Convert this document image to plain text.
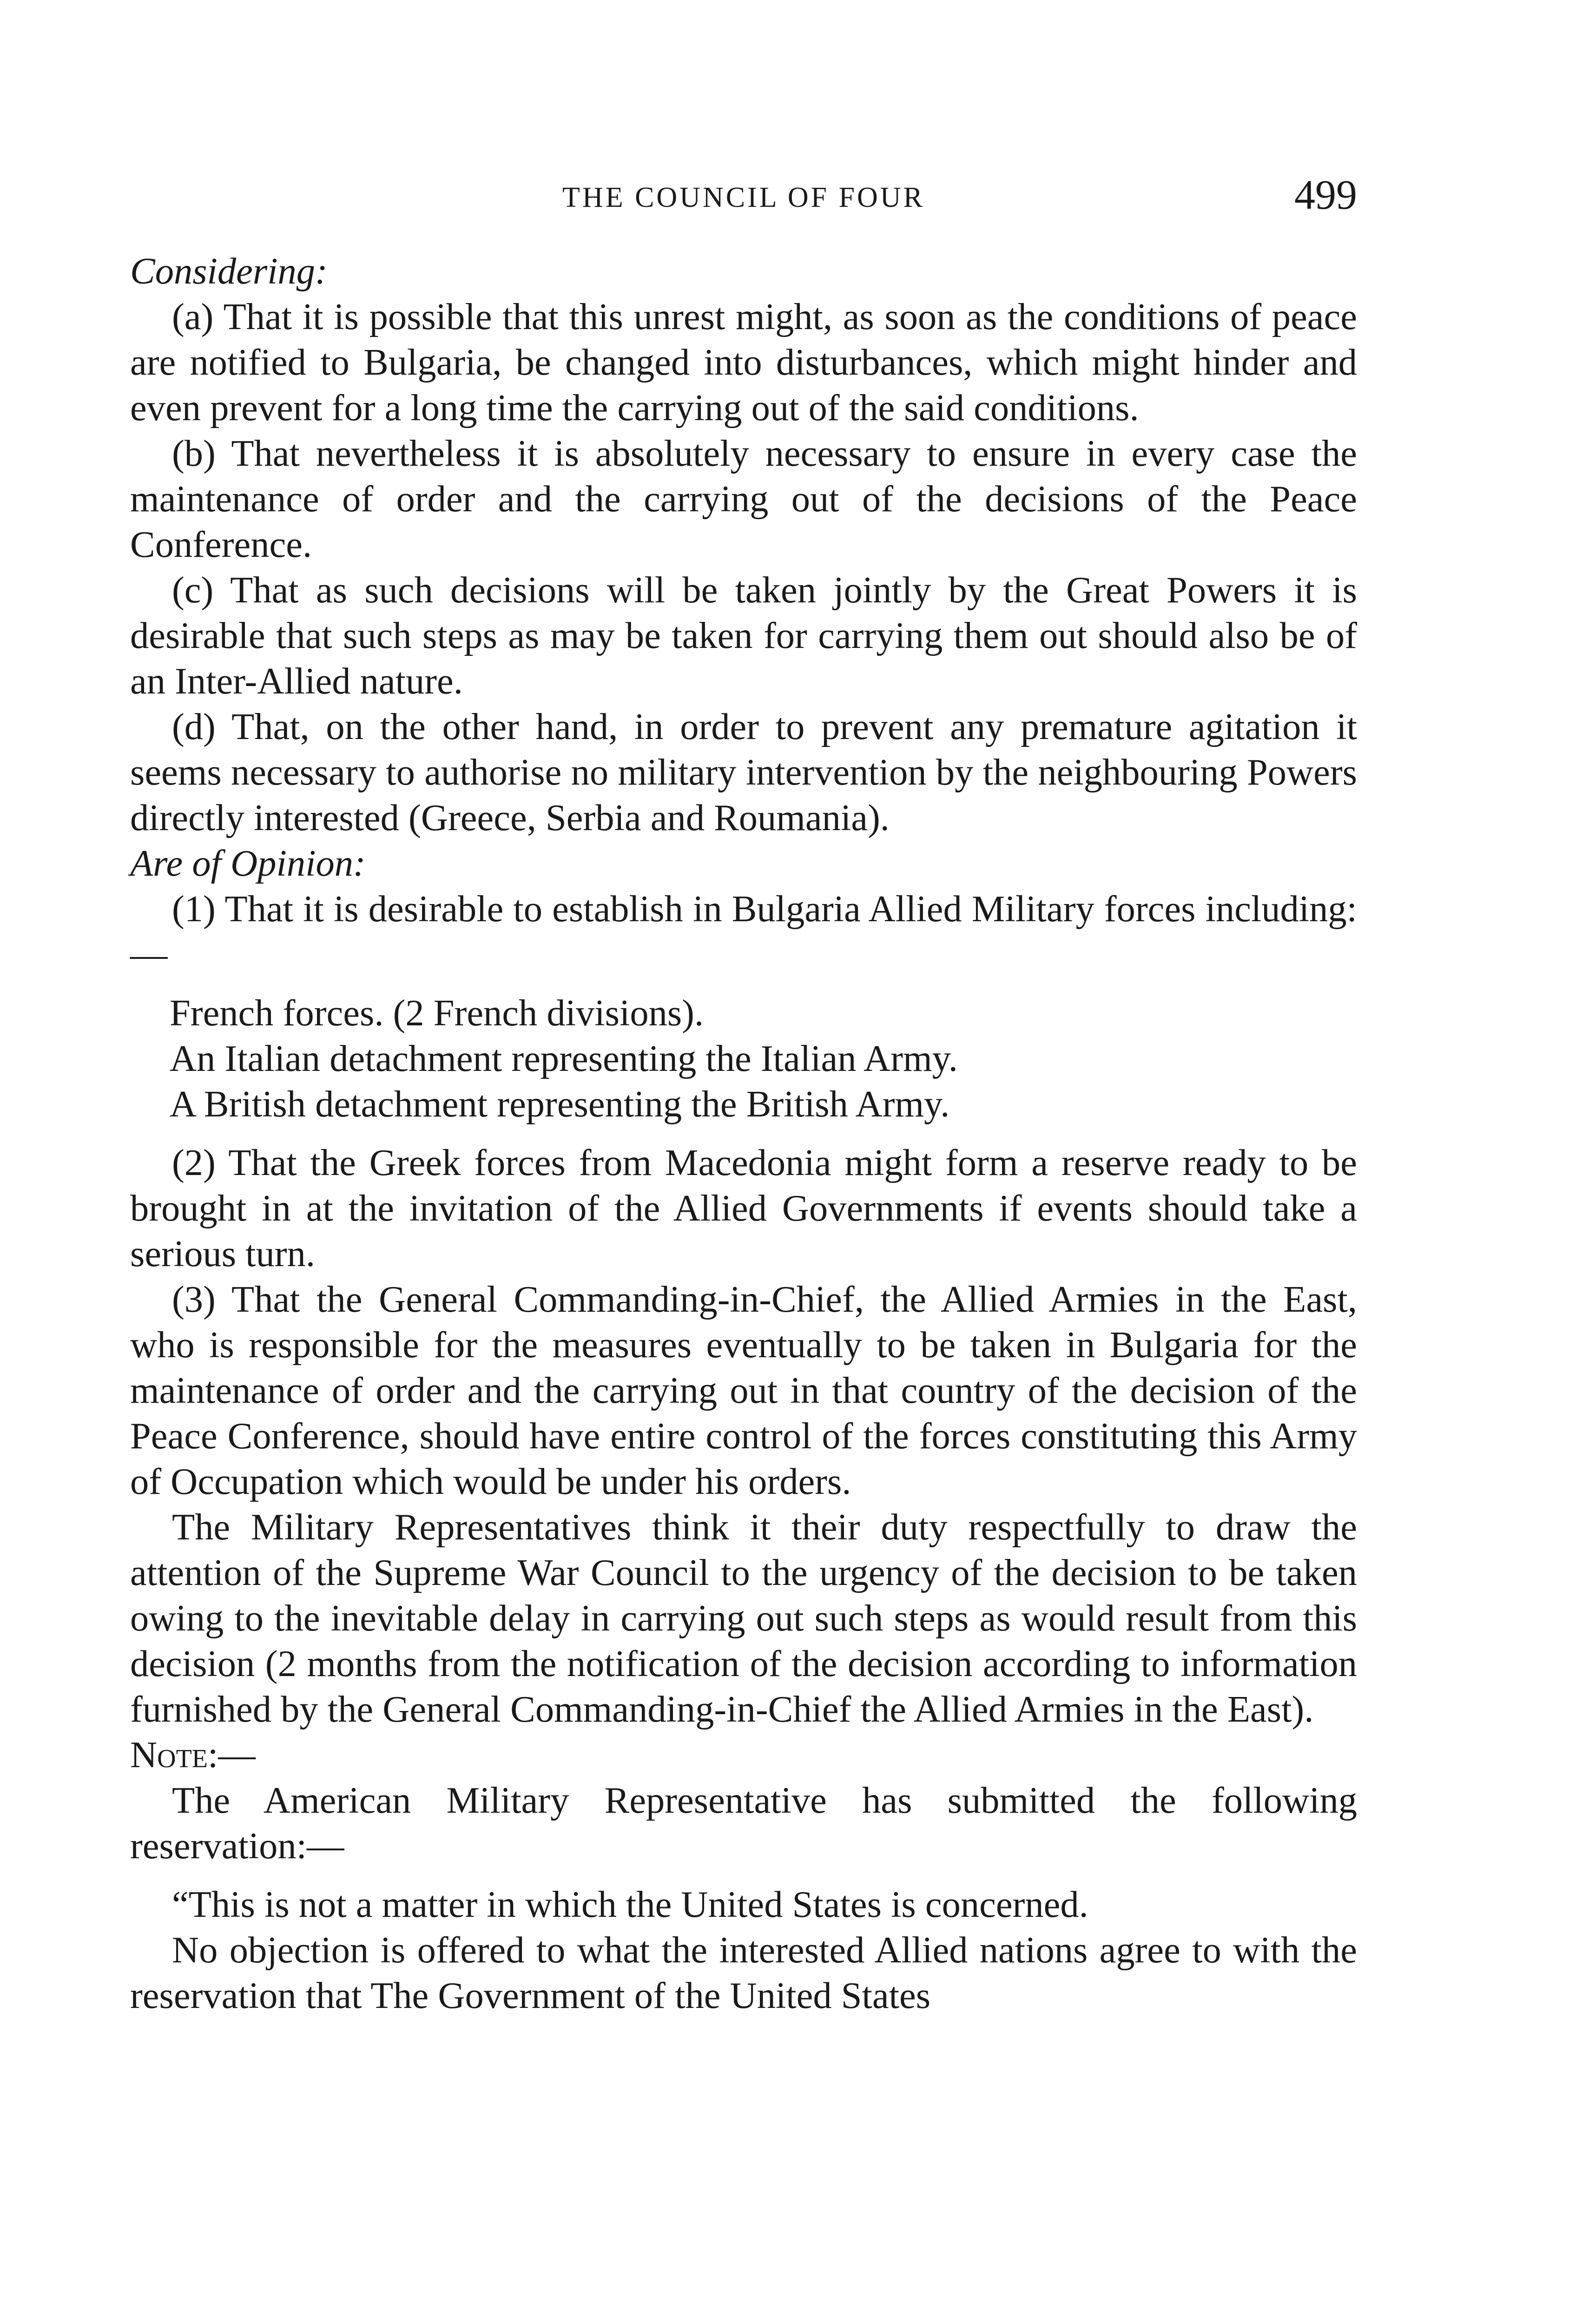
THE COUNCIL OF FOUR	499

Considering:

(a) That it is possible that this unrest might, as soon as the conditions of peace are notified to Bulgaria, be changed into disturbances, which might hinder and even prevent for a long time the carrying out of the said conditions.

(b) That nevertheless it is absolutely necessary to ensure in every case the maintenance of order and the carrying out of the decisions of the Peace Conference.

(c) That as such decisions will be taken jointly by the Great Powers it is desirable that such steps as may be taken for carrying them out should also be of an Inter-Allied nature.

(d) That, on the other hand, in order to prevent any premature agitation it seems necessary to authorise no military intervention by the neighbouring Powers directly interested (Greece, Serbia and Roumania).

Are of Opinion:

(1) That it is desirable to establish in Bulgaria Allied Military forces including:—

French forces. (2 French divisions).
An Italian detachment representing the Italian Army.
A British detachment representing the British Army.

(2) That the Greek forces from Macedonia might form a reserve ready to be brought in at the invitation of the Allied Governments if events should take a serious turn.

(3) That the General Commanding-in-Chief, the Allied Armies in the East, who is responsible for the measures eventually to be taken in Bulgaria for the maintenance of order and the carrying out in that country of the decision of the Peace Conference, should have entire control of the forces constituting this Army of Occupation which would be under his orders.

The Military Representatives think it their duty respectfully to draw the attention of the Supreme War Council to the urgency of the decision to be taken owing to the inevitable delay in carrying out such steps as would result from this decision (2 months from the notification of the decision according to information furnished by the General Commanding-in-Chief the Allied Armies in the East).

Note:—

The American Military Representative has submitted the following reservation:—

“This is not a matter in which the United States is concerned.

No objection is offered to what the interested Allied nations agree to with the reservation that The Government of the United States
